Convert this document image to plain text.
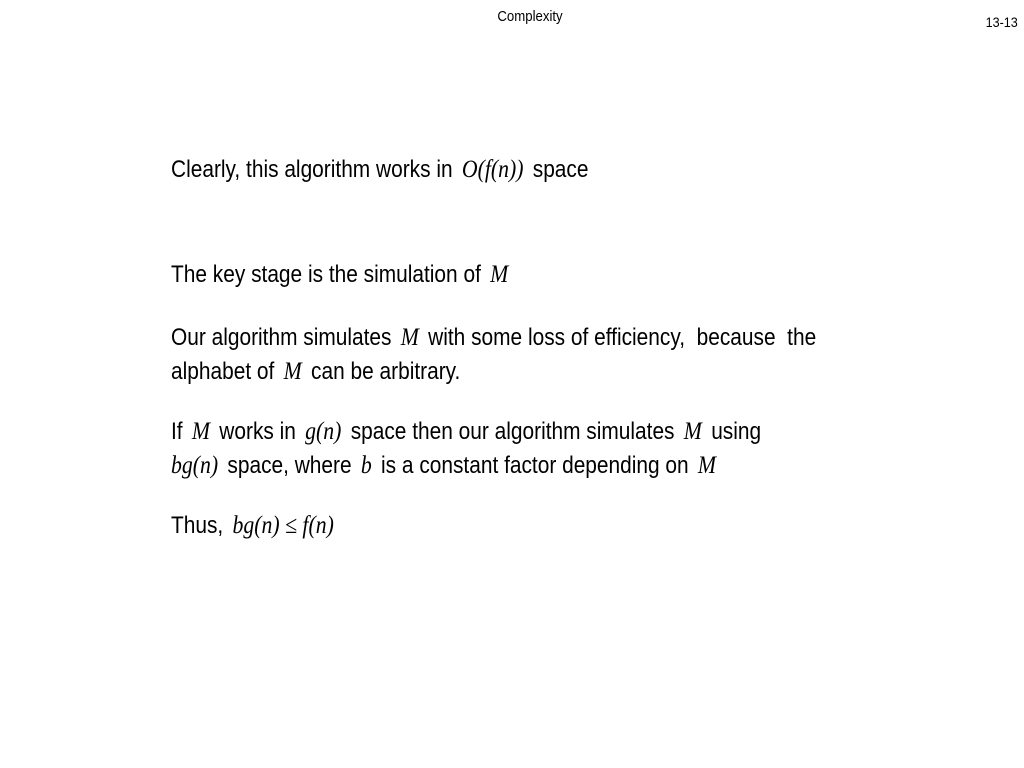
Complexity	13-13
Clearly, this algorithm works in O(f(n)) space
The key stage is the simulation of M
Our algorithm simulates M with some loss of efficiency,  because  the
alphabet of M can be arbitrary.
If M works in g(n) space then our algorithm simulates M using
bg(n) space, where b is a constant factor depending on M
Thus, bg(n) ≤ f(n)
